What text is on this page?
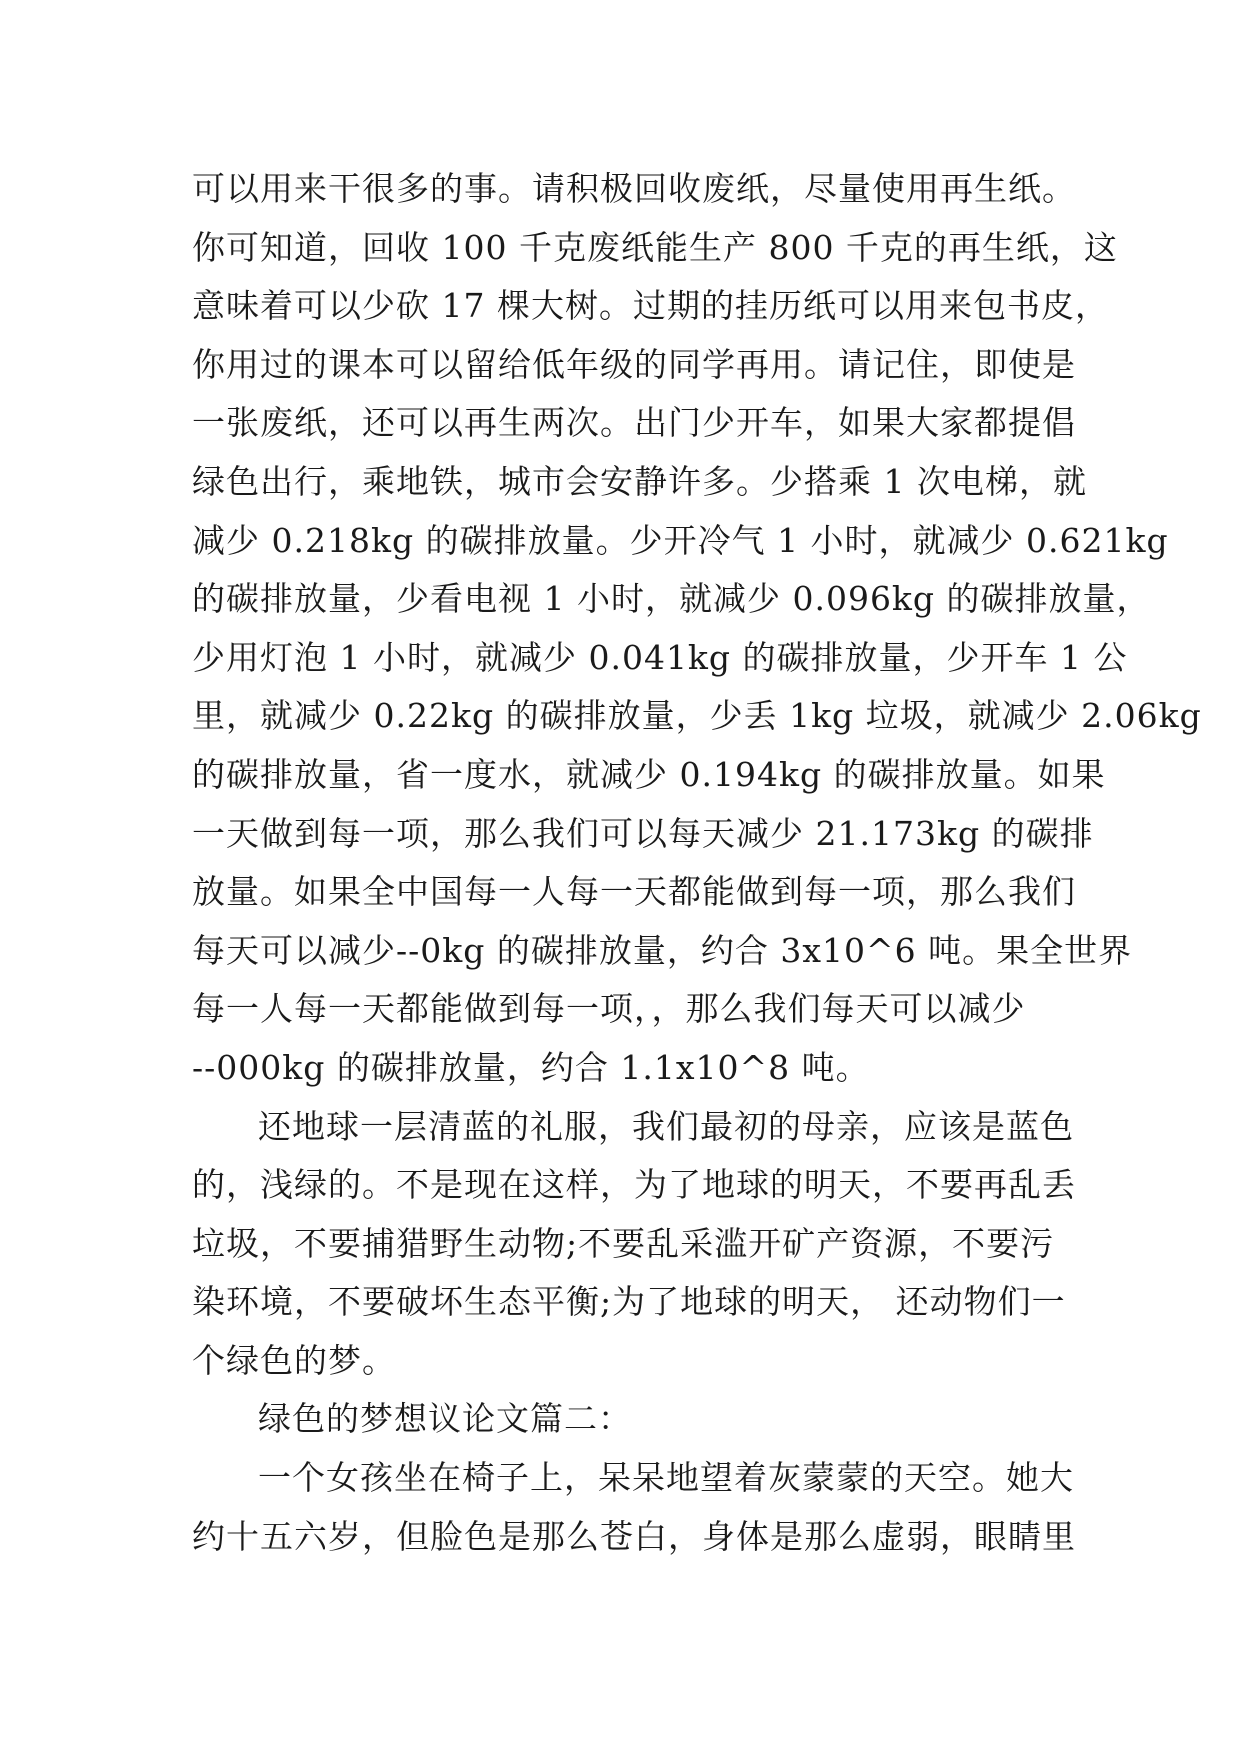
可以用来干很多的事。请积极回收废纸，尽量使用再生纸。
你可知道，回收 100 千克废纸能生产 800 千克的再生纸，这
意味着可以少砍 17 棵大树。过期的挂历纸可以用来包书皮，
你用过的课本可以留给低年级的同学再用。请记住，即使是
一张废纸，还可以再生两次。出门少开车，如果大家都提倡
绿色出行，乘地铁，城市会安静许多。少搭乘 1 次电梯，就
减少 0.218kg 的碳排放量。少开冷气 1 小时，就减少 0.621kg
的碳排放量，少看电视 1 小时，就减少 0.096kg 的碳排放量，
少用灯泡 1 小时，就减少 0.041kg 的碳排放量，少开车 1 公
里，就减少 0.22kg 的碳排放量，少丢 1kg 垃圾，就减少 2.06kg
的碳排放量，省一度水，就减少 0.194kg 的碳排放量。如果
一天做到每一项，那么我们可以每天减少 21.173kg 的碳排
放量。如果全中国每一人每一天都能做到每一项，那么我们
每天可以减少--0kg 的碳排放量，约合 3x10^6 吨。果全世界
每一人每一天都能做到每一项，，那么我们每天可以减少
--000kg 的碳排放量，约合 1.1x10^8 吨。
还地球一层清蓝的礼服，我们最初的母亲，应该是蓝色
的，浅绿的。不是现在这样，为了地球的明天，不要再乱丢
垃圾，不要捕猎野生动物;不要乱采滥开矿产资源，不要污
染环境，不要破坏生态平衡;为了地球的明天， 还动物们一
个绿色的梦。
绿色的梦想议论文篇二：
一个女孩坐在椅子上，呆呆地望着灰蒙蒙的天空。她大
约十五六岁，但脸色是那么苍白，身体是那么虚弱，眼睛里
